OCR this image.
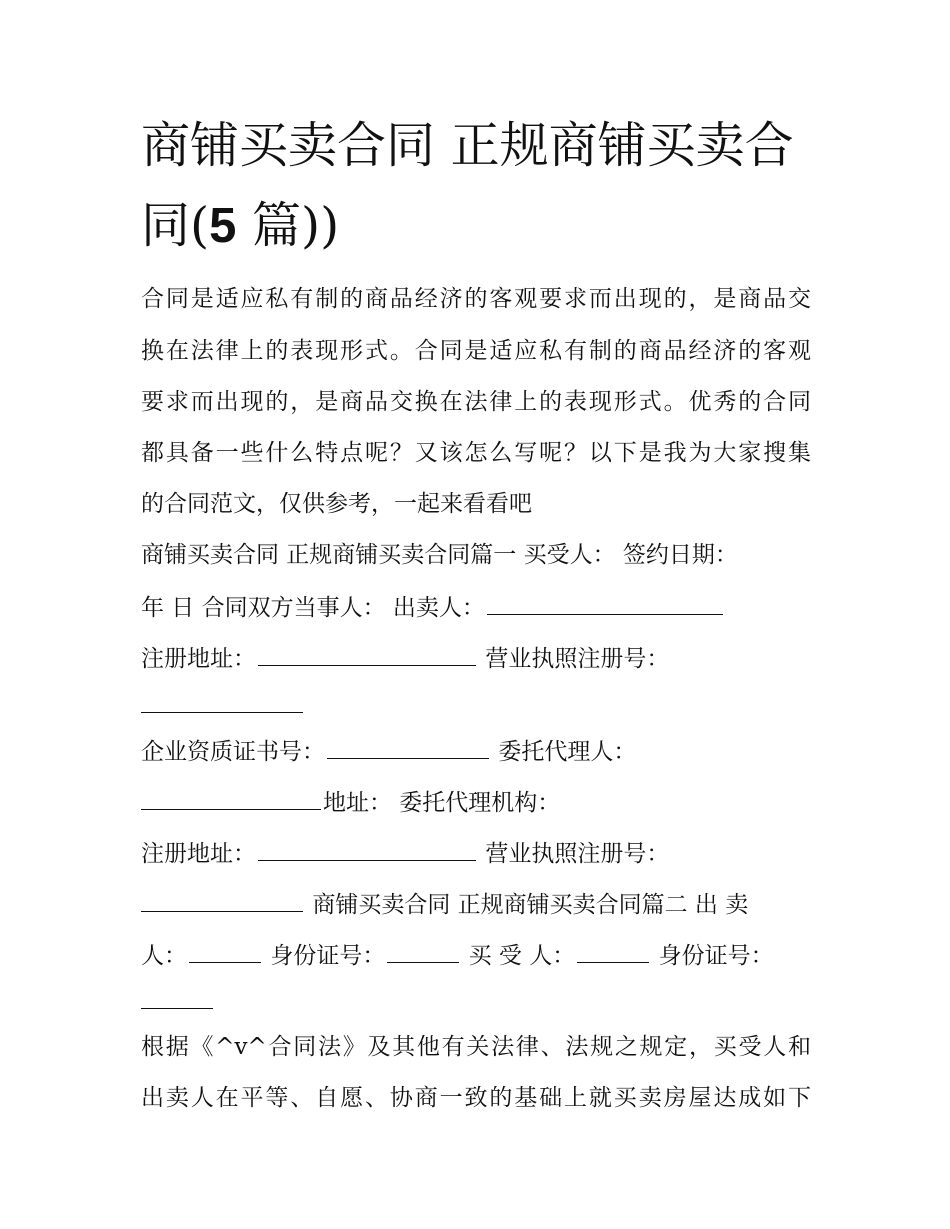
商铺买卖合同 正规商铺买卖合同(5 篇))

合同是适应私有制的商品经济的客观要求而出现的，是商品交

换在法律上的表现形式。合同是适应私有制的商品经济的客观

要求而出现的，是商品交换在法律上的表现形式。优秀的合同

都具备一些什么特点呢？又该怎么写呢？以下是我为大家搜集

的合同范文，仅供参考，一起来看看吧

商铺买卖合同 正规商铺买卖合同篇一 买受人： 签约日期：

年 日 合同双方当事人： 出卖人：

注册地址：	营业执照注册号：

企业资质证书号：	委托代理人：

地址： 委托代理机构：

注册地址：	营业执照注册号：

商铺买卖合同 正规商铺买卖合同篇二 出 卖

人：	身份证号：	买 受 人：	身份证号：

根据《^v^合同法》及其他有关法律、法规之规定，买受人和

出卖人在平等、自愿、协商一致的基础上就买卖房屋达成如下
